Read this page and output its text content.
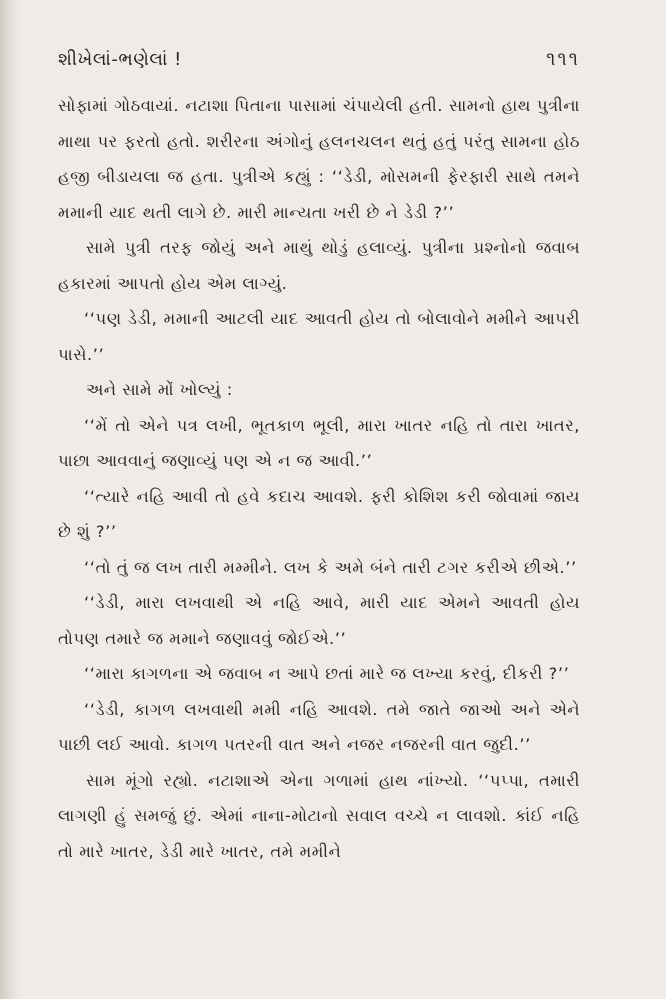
શીખેલાં-ભણેલાં !	૧૧૧

સોફામાં ગોઠવાયાં. નટાશા પિતાના પાસામાં ચંપાયેલી હતી. સામનો હાથ પુત્રીના માથા પર ફરતો હતો. શરીરના અંગોનું હલનચલન થતું હતું પરંતુ સામના હોઠ હજી બીડાયલા જ હતા. પુત્રીએ કહ્યું : ‘‘ડેડી, મોસમની ફેરફારી સાથે તમને મમાની યાદ થતી લાગે છે. મારી માન્યતા ખરી છે ને ડેડી ?’’

સામે પુત્રી તરફ જોયું અને માથું થોડું હલાવ્યું. પુત્રીના પ્રશ્નોનો જવાબ હકારમાં આપતો હોય એમ લાગ્યું.

‘‘પણ ડેડી, મમાની આટલી યાદ આવતી હોય તો બોલાવોને મમીને આપરી પાસે.’’

અને સામે મોં ખોલ્યું :

‘‘મેં તો એને પત્ર લખી, ભૂતકાળ ભૂલી, મારા ખાતર નહિ તો તારા ખાતર, પાછા આવવાનું જણાવ્યું પણ એ ન જ આવી.’’

‘‘ત્યારે નહિ આવી તો હવે કદાચ આવશે. ફરી કોશિશ કરી જોવામાં જાય છે શું ?’’

‘‘તો તું જ લખ તારી મમ્મીને. લખ કે અમે બંને તારી ટગર કરીએ છીએ.’’

‘‘ડેડી, મારા લખવાથી એ નહિ આવે, મારી યાદ એમને આવતી હોય તોપણ તમારે જ મમાને જણાવવું જોઈએ.’’

‘‘મારા કાગળના એ જવાબ ન આપે છતાં મારે જ લખ્યા કરવું, દીકરી ?’’

‘‘ડેડી, કાગળ લખવાથી મમી નહિ આવશે. તમે જાતે જાઓ અને એને પાછી લઈ આવો. કાગળ પતરની વાત અને નજર નજરની વાત જુદી.’’

સામ મૂંગો રહ્યો. નટાશાએ એના ગળામાં હાથ નાંખ્યો. ‘‘પપ્પા, તમારી લાગણી હું સમજું છું. એમાં નાના-મોટાનો સવાલ વચ્ચે ન લાવશો. કાંઈ નહિ તો મારે ખાતર, ડેડી મારે ખાતર, તમે મમીને
